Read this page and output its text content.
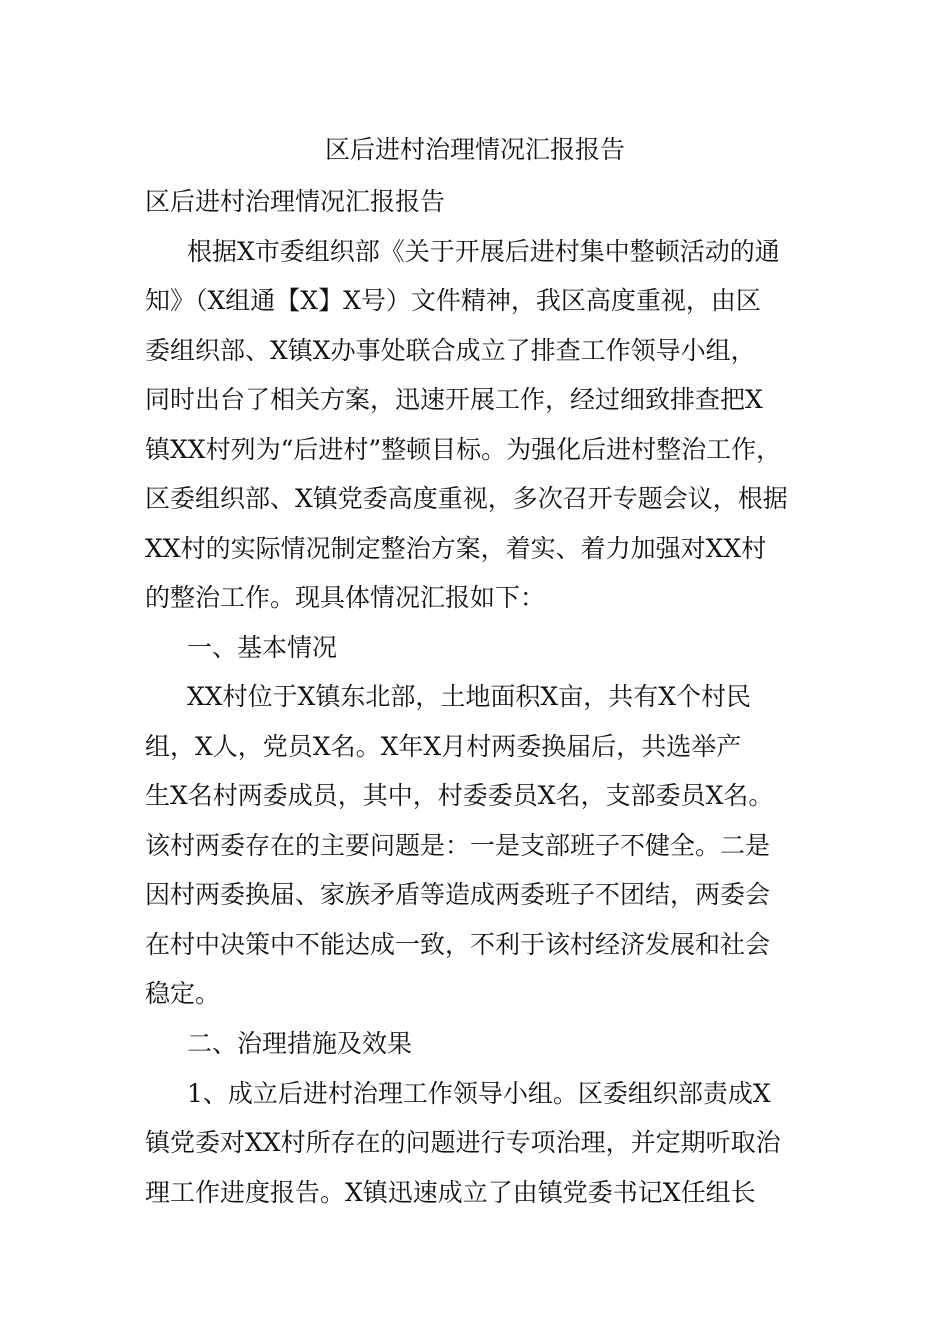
区后进村治理情况汇报报告
区后进村治理情况汇报报告
根据X市委组织部《关于开展后进村集中整顿活动的通
知》（X组通【X】X号）文件精神，我区高度重视，由区
委组织部、X镇X办事处联合成立了排查工作领导小组，
同时出台了相关方案，迅速开展工作，经过细致排查把X
镇XX村列为“后进村”整顿目标。为强化后进村整治工作，
区委组织部、X镇党委高度重视，多次召开专题会议，根据
XX村的实际情况制定整治方案，着实、着力加强对XX村
的整治工作。现具体情况汇报如下：
一、基本情况
XX村位于X镇东北部，土地面积X亩，共有X个村民
组，X人，党员X名。X年X月村两委换届后，共选举产
生X名村两委成员，其中，村委委员X名，支部委员X名。
该村两委存在的主要问题是：一是支部班子不健全。二是
因村两委换届、家族矛盾等造成两委班子不团结，两委会
在村中决策中不能达成一致，不利于该村经济发展和社会
稳定。
二、治理措施及效果
1、成立后进村治理工作领导小组。区委组织部责成X
镇党委对XX村所存在的问题进行专项治理，并定期听取治
理工作进度报告。X镇迅速成立了由镇党委书记X任组长
